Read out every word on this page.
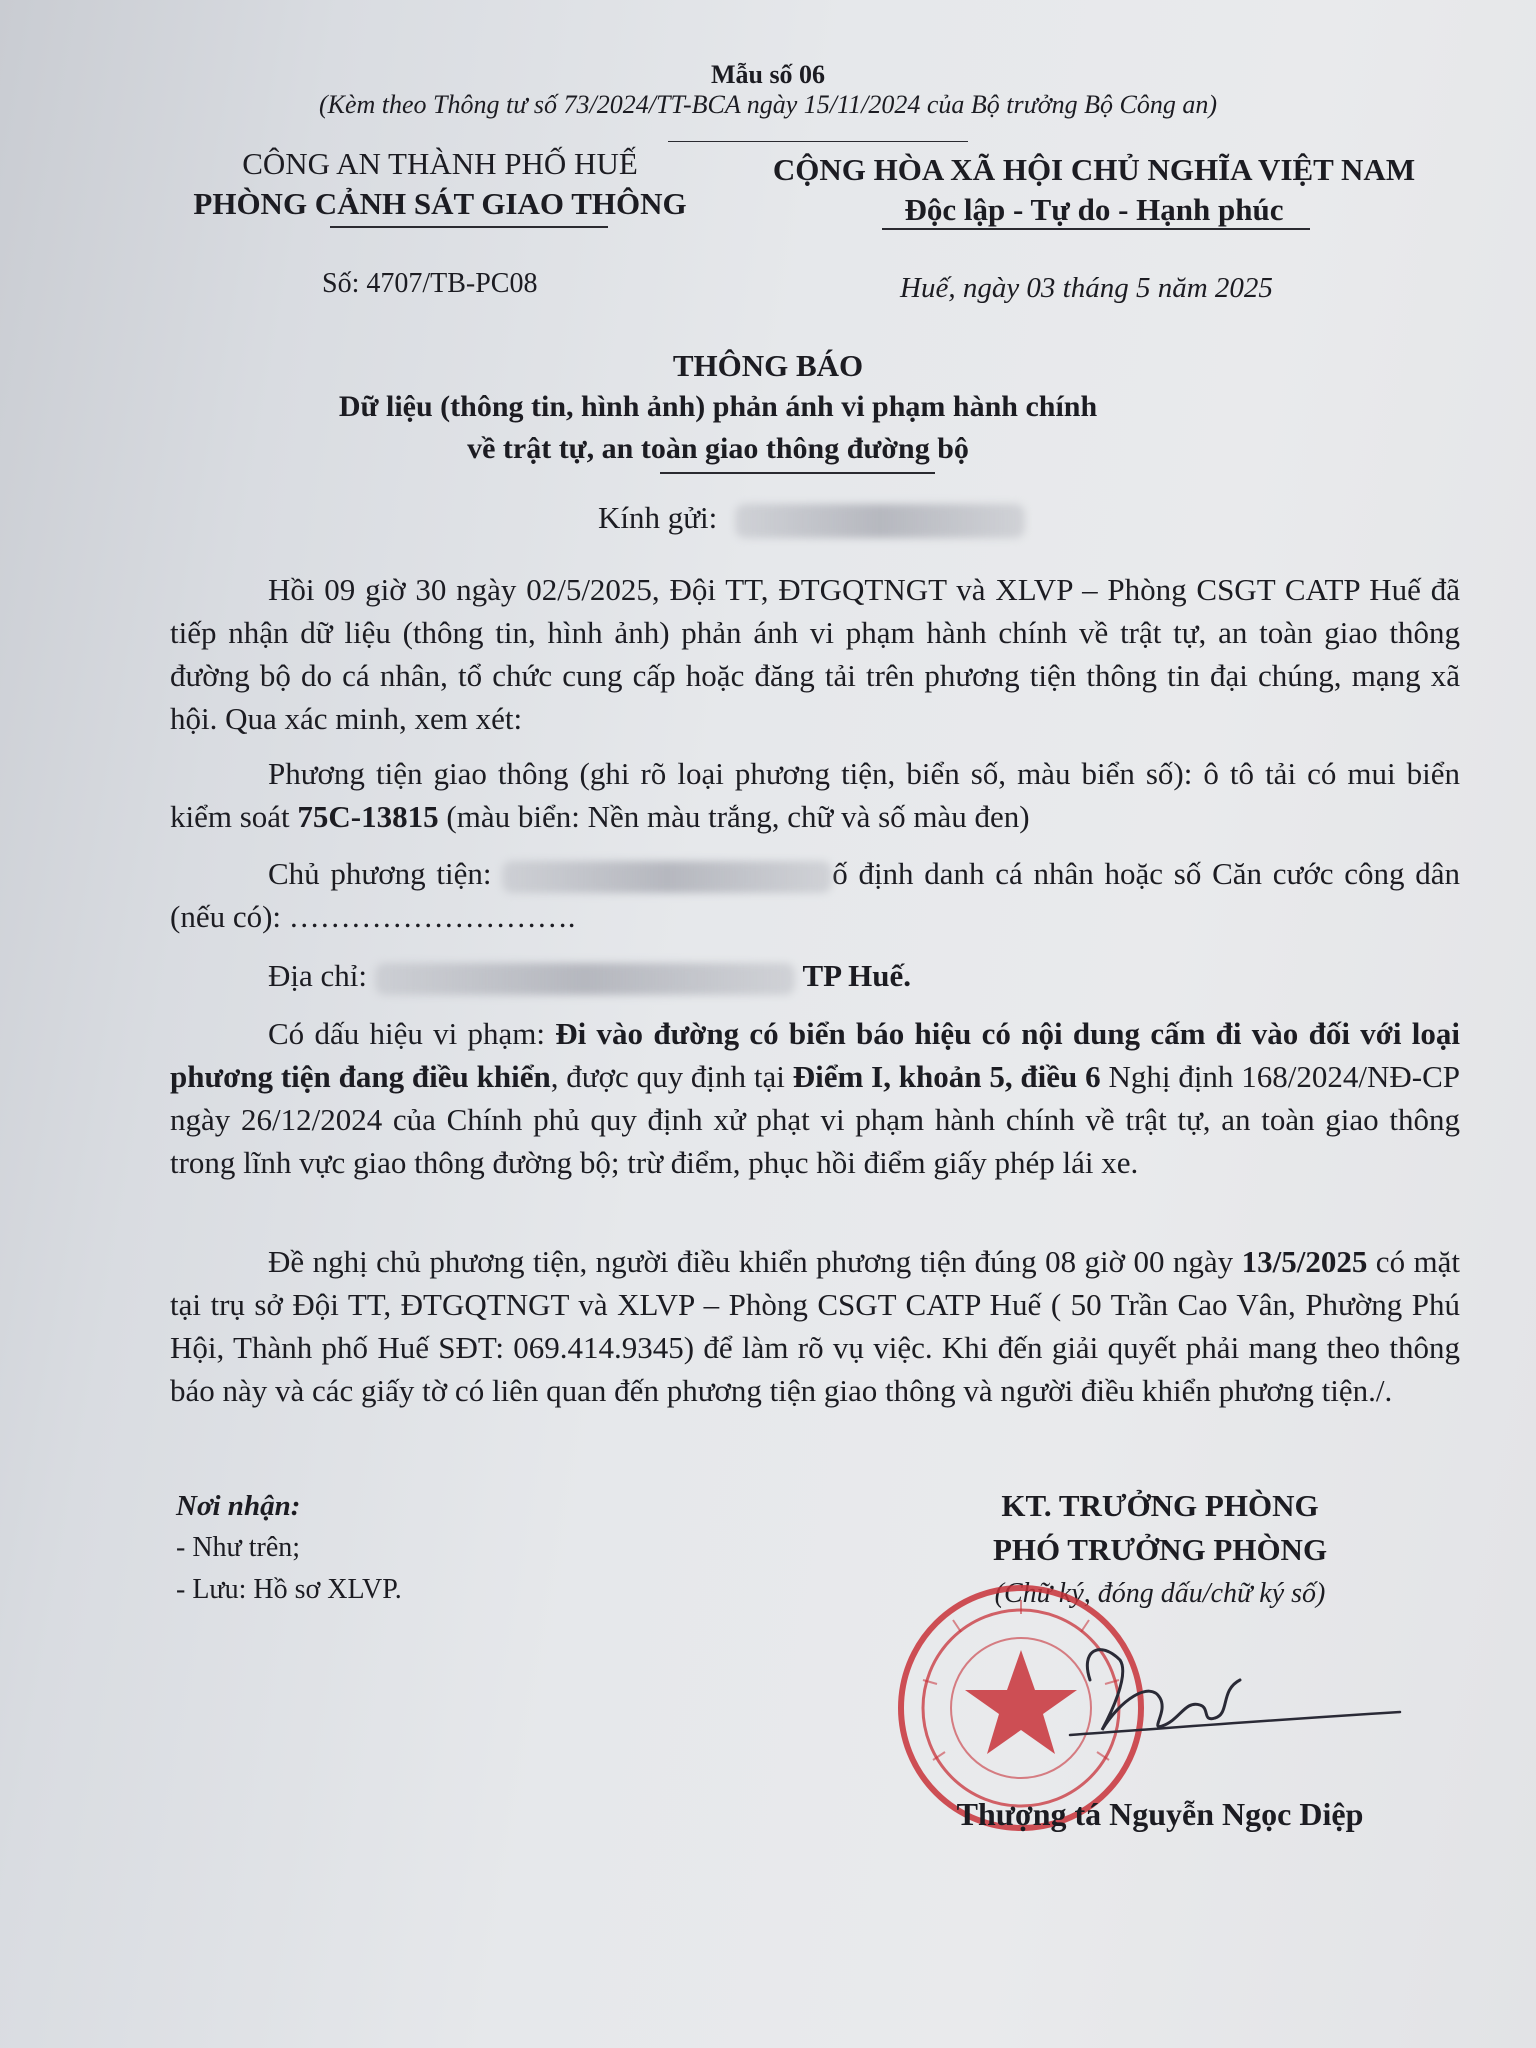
Mẫu số 06
(Kèm theo Thông tư số 73/2024/TT-BCA ngày 15/11/2024 của Bộ trưởng Bộ Công an)
CÔNG AN THÀNH PHỐ HUẾ
PHÒNG CẢNH SÁT GIAO THÔNG
Số: 4707/TB-PC08
CỘNG HÒA XÃ HỘI CHỦ NGHĨA VIỆT NAM
Độc lập - Tự do - Hạnh phúc
Huế, ngày 03 tháng 5 năm 2025
THÔNG BÁO
Dữ liệu (thông tin, hình ảnh) phản ánh vi phạm hành chính
về trật tự, an toàn giao thông đường bộ
Kính gửi:
Hồi 09 giờ 30 ngày 02/5/2025, Đội TT, ĐTGQTNGT và XLVP – Phòng CSGT CATP Huế đã tiếp nhận dữ liệu (thông tin, hình ảnh) phản ánh vi phạm hành chính về trật tự, an toàn giao thông đường bộ do cá nhân, tổ chức cung cấp hoặc đăng tải trên phương tiện thông tin đại chúng, mạng xã hội. Qua xác minh, xem xét:
Phương tiện giao thông (ghi rõ loại phương tiện, biển số, màu biển số): ô tô tải có mui biển kiểm soát 75C-13815 (màu biển: Nền màu trắng, chữ và số màu đen)
Chủ phương tiện:	ố định danh cá nhân hoặc số Căn cước công dân (nếu có): ……………………….
Địa chỉ:	TP Huế.
Có dấu hiệu vi phạm: Đi vào đường có biển báo hiệu có nội dung cấm đi vào đối với loại phương tiện đang điều khiển, được quy định tại Điểm I, khoản 5, điều 6 Nghị định 168/2024/NĐ-CP ngày 26/12/2024 của Chính phủ quy định xử phạt vi phạm hành chính về trật tự, an toàn giao thông trong lĩnh vực giao thông đường bộ; trừ điểm, phục hồi điểm giấy phép lái xe.
Đề nghị chủ phương tiện, người điều khiển phương tiện đúng 08 giờ 00 ngày 13/5/2025 có mặt tại trụ sở Đội TT, ĐTGQTNGT và XLVP – Phòng CSGT CATP Huế ( 50 Trần Cao Vân, Phường Phú Hội, Thành phố Huế SĐT: 069.414.9345) để làm rõ vụ việc. Khi đến giải quyết phải mang theo thông báo này và các giấy tờ có liên quan đến phương tiện giao thông và người điều khiển phương tiện./.
Nơi nhận:
- Như trên;
- Lưu: Hồ sơ XLVP.
KT. TRƯỞNG PHÒNG
PHÓ TRƯỞNG PHÒNG
(Chữ ký, đóng dấu/chữ ký số)
Thượng tá Nguyễn Ngọc Diệp
